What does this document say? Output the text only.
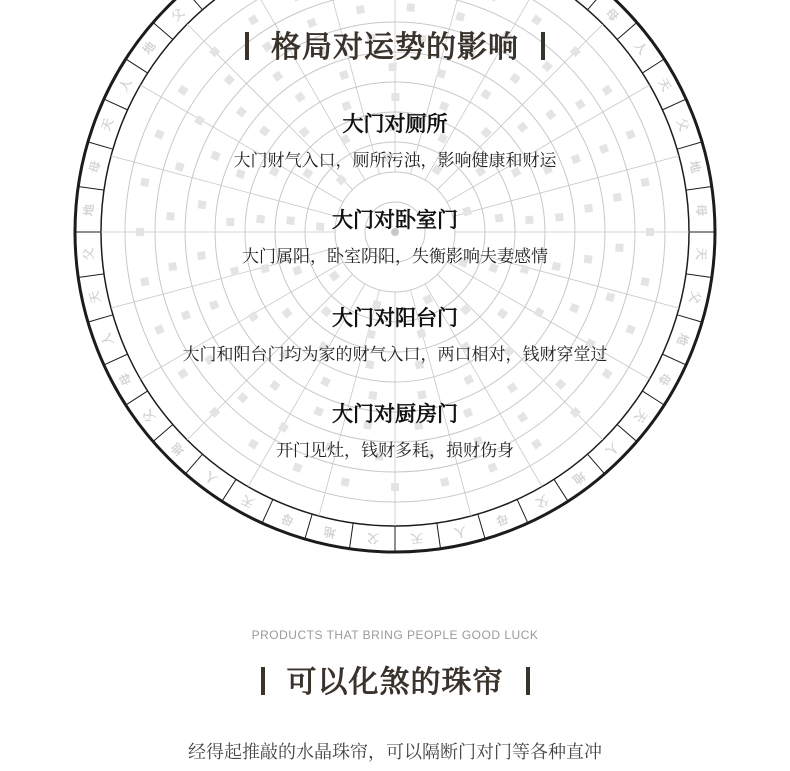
天
父
地
母
天
人
地
父
母
人
天
父
地
母
天
人
地
父
母
人
天
父
地
母
天
人
地
父	母
人
天
父
地
母
格局对运势的影响
大门对厕所
大门财气入口，厕所污浊，影响健康和财运
大门对卧室门
大门属阳，卧室阴阳，失衡影响夫妻感情
大门对阳台门
大门和阳台门均为家的财气入口，两口相对，钱财穿堂过
大门对厨房门
开门见灶，钱财多耗，损财伤身
PRODUCTS THAT BRING PEOPLE GOOD LUCK
可以化煞的珠帘
经得起推敲的水晶珠帘，可以隔断门对门等各种直冲
